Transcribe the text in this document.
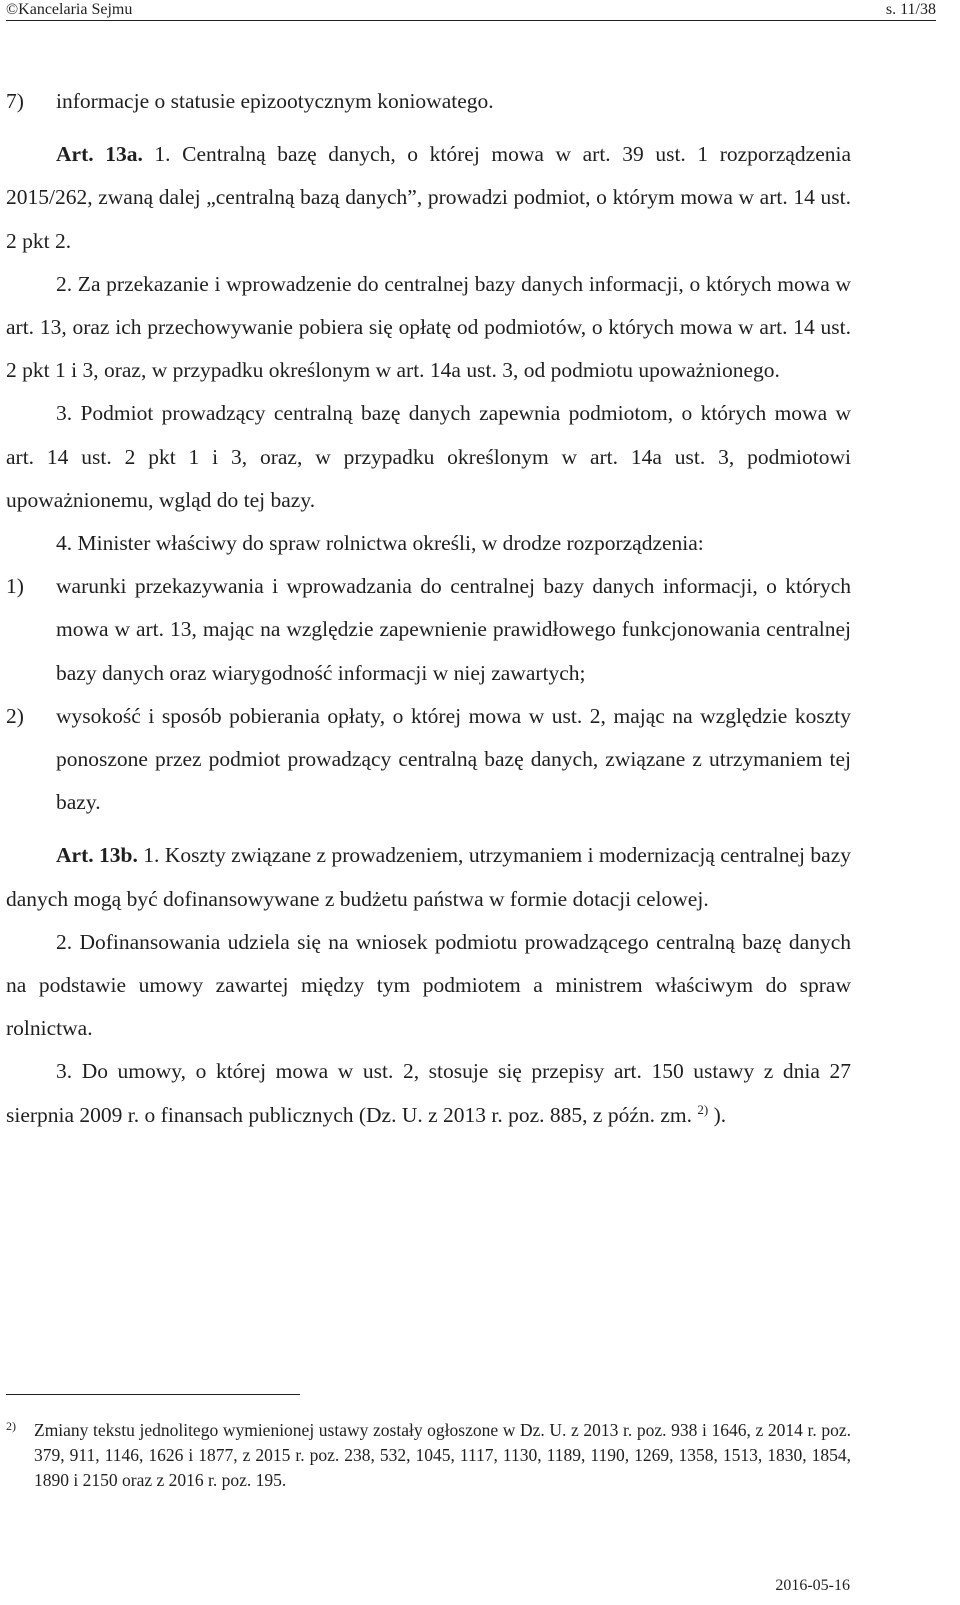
©Kancelaria Sejmu	s. 11/38

7) informacje o statusie epizootycznym koniowatego.

Art. 13a. 1. Centralną bazę danych, o której mowa w art. 39 ust. 1 rozporządzenia 2015/262, zwaną dalej „centralną bazą danych”, prowadzi podmiot, o którym mowa w art. 14 ust. 2 pkt 2.

2. Za przekazanie i wprowadzenie do centralnej bazy danych informacji, o których mowa w art. 13, oraz ich przechowywanie pobiera się opłatę od podmiotów, o których mowa w art. 14 ust. 2 pkt 1 i 3, oraz, w przypadku określonym w art. 14a ust. 3, od podmiotu upoważnionego.

3. Podmiot prowadzący centralną bazę danych zapewnia podmiotom, o których mowa w art. 14 ust. 2 pkt 1 i 3, oraz, w przypadku określonym w art. 14a ust. 3, podmiotowi upoważnionemu, wgląd do tej bazy.

4. Minister właściwy do spraw rolnictwa określi, w drodze rozporządzenia:

1) warunki przekazywania i wprowadzania do centralnej bazy danych informacji, o których mowa w art. 13, mając na względzie zapewnienie prawidłowego funkcjonowania centralnej bazy danych oraz wiarygodność informacji w niej zawartych;

2) wysokość i sposób pobierania opłaty, o której mowa w ust. 2, mając na względzie koszty ponoszone przez podmiot prowadzący centralną bazę danych, związane z utrzymaniem tej bazy.

Art. 13b. 1. Koszty związane z prowadzeniem, utrzymaniem i modernizacją centralnej bazy danych mogą być dofinansowywane z budżetu państwa w formie dotacji celowej.

2. Dofinansowania udziela się na wniosek podmiotu prowadzącego centralną bazę danych na podstawie umowy zawartej między tym podmiotem a ministrem właściwym do spraw rolnictwa.

3. Do umowy, o której mowa w ust. 2, stosuje się przepisy art. 150 ustawy z dnia 27 sierpnia 2009 r. o finansach publicznych (Dz. U. z 2013 r. poz. 885, z późn. zm. $^{2)}$ ).

2) Zmiany tekstu jednolitego wymienionej ustawy zostały ogłoszone w Dz. U. z 2013 r. poz. 938 i 1646, z 2014 r. poz. 379, 911, 1146, 1626 i 1877, z 2015 r. poz. 238, 532, 1045, 1117, 1130, 1189, 1190, 1269, 1358, 1513, 1830, 1854, 1890 i 2150 oraz z 2016 r. poz. 195.

2016-05-16
